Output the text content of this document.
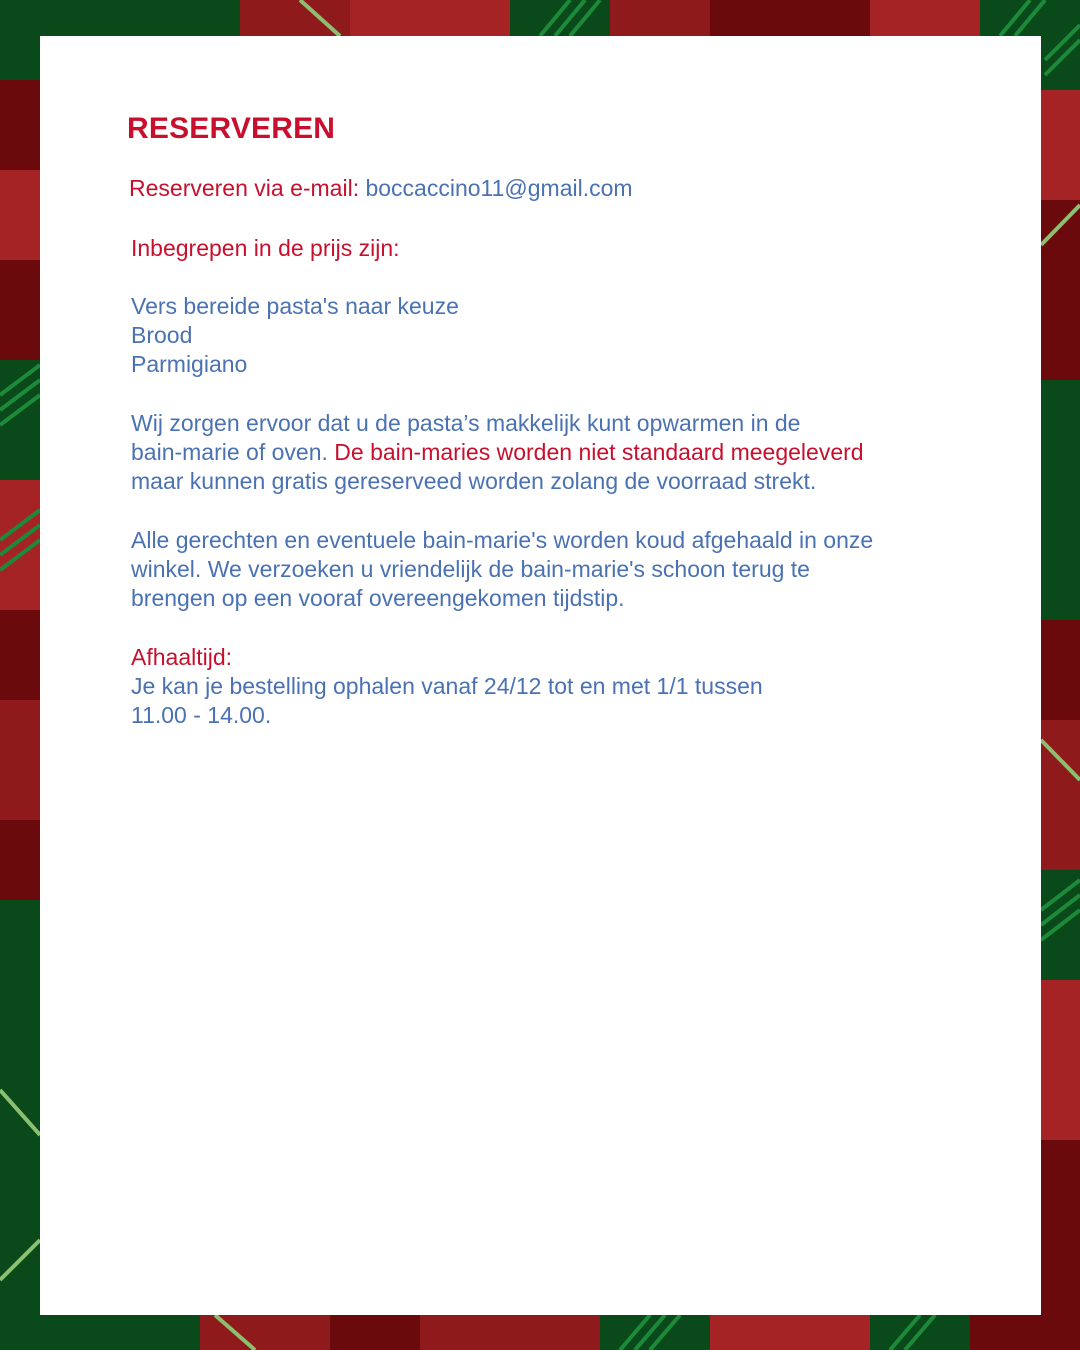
RESERVEREN

Reserveren via e-mail: boccaccino11@gmail.com

Inbegrepen in de prijs zijn:

Vers bereide pasta's naar keuze

Brood

Parmigiano

Wij zorgen ervoor dat u de pasta’s makkelijk kunt opwarmen in de

bain-marie of oven. De bain-maries worden niet standaard meegeleverd

maar kunnen gratis gereserveed worden zolang de voorraad strekt.

Alle gerechten en eventuele bain-marie's worden koud afgehaald in onze

winkel. We verzoeken u vriendelijk de bain-marie's schoon terug te

brengen op een vooraf overeengekomen tijdstip.

Afhaaltijd:

Je kan je bestelling ophalen vanaf 24/12 tot en met 1/1 tussen

11.00 - 14.00.
